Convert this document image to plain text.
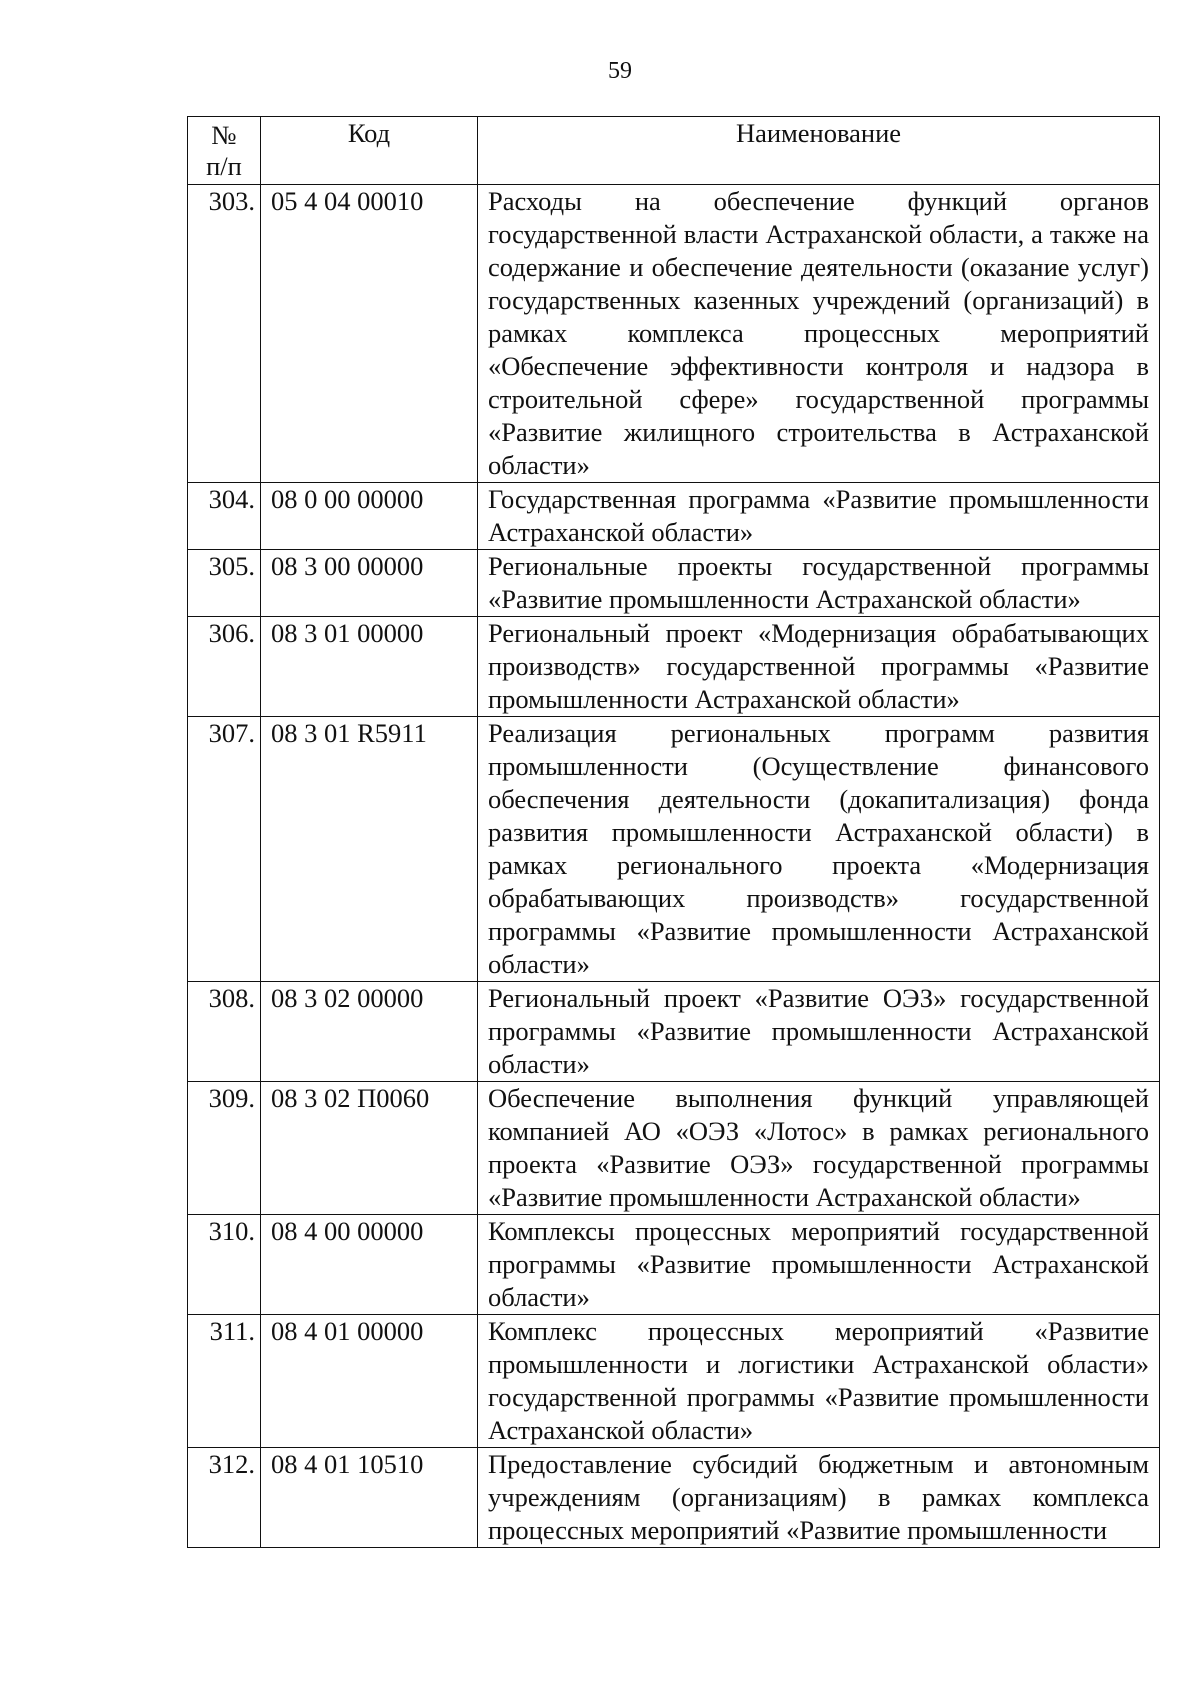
59
№
п/п	Код	Наименование
303.	05 4 04 00010	Расходы на обеспечение функций органов государственной власти Астраханской области, а также на содержание и обеспечение деятельности (оказание услуг) государственных казенных учреждений (организаций) в рамках комплекса процессных мероприятий «Обеспечение эффективности контроля и надзора в строительной сфере» государственной программы «Развитие жилищного строительства в Астраханской области»
304.	08 0 00 00000	Государственная программа «Развитие промышленности Астраханской области»
305.	08 3 00 00000	Региональные проекты государственной программы «Развитие промышленности Астраханской области»
306.	08 3 01 00000	Региональный проект «Модернизация обрабатывающих производств» государственной программы «Развитие промышленности Астраханской области»
307.	08 3 01 R5911	Реализация региональных программ развития промышленности (Осуществление финансового обеспечения деятельности (докапитализация) фонда развития промышленности Астраханской области) в рамках регионального проекта «Модернизация обрабатывающих производств» государственной программы «Развитие промышленности Астраханской области»
308.	08 3 02 00000	Региональный проект «Развитие ОЭЗ» государственной программы «Развитие промышленности Астраханской области»
309.	08 3 02 П0060	Обеспечение выполнения функций управляющей компанией АО «ОЭЗ «Лотос» в рамках регионального проекта «Развитие ОЭЗ» государственной программы «Развитие промышленности Астраханской области»
310.	08 4 00 00000	Комплексы процессных мероприятий государственной программы «Развитие промышленности Астраханской области»
311.	08 4 01 00000	Комплекс процессных мероприятий «Развитие промышленности и логистики Астраханской области» государственной программы «Развитие промышленности Астраханской области»
312.	08 4 01 10510	Предоставление субсидий бюджетным и автономным учреждениям (организациям) в рамках комплекса процессных мероприятий «Развитие промышленности
